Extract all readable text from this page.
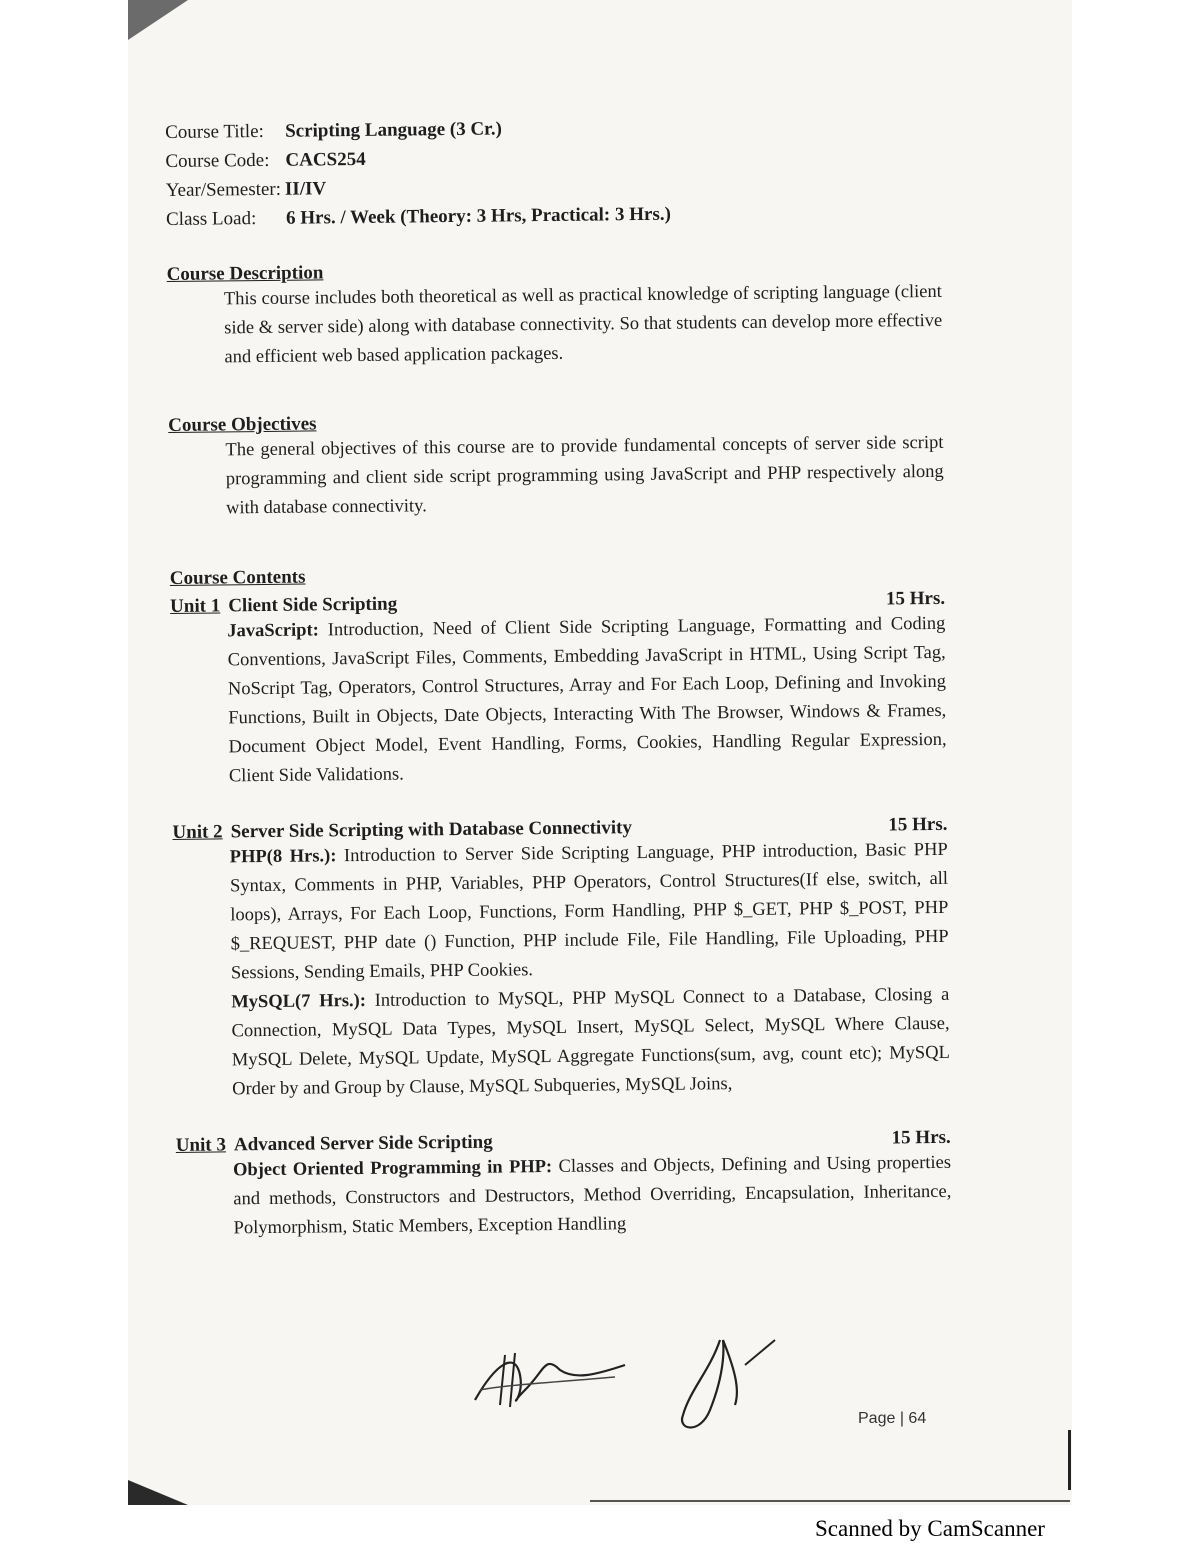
Course Title:	Scripting Language (3 Cr.)
Course Code: CACS254
Year/Semester: II/IV
Class Load:	6 Hrs. / Week (Theory: 3 Hrs, Practical: 3 Hrs.)
Course Description
This course includes both theoretical as well as practical knowledge of scripting language (client side & server side) along with database connectivity. So that students can develop more effective and efficient web based application packages.
Course Objectives
The general objectives of this course are to provide fundamental concepts of server side script programming and client side script programming using JavaScript and PHP respectively along with database connectivity.
Course Contents
Unit 1 Client Side Scripting	15 Hrs.
JavaScript: Introduction, Need of Client Side Scripting Language, Formatting and Coding Conventions, JavaScript Files, Comments, Embedding JavaScript in HTML, Using Script Tag, NoScript Tag, Operators, Control Structures, Array and For Each Loop, Defining and Invoking Functions, Built in Objects, Date Objects, Interacting With The Browser, Windows & Frames, Document Object Model, Event Handling, Forms, Cookies, Handling Regular Expression, Client Side Validations.
Unit 2 Server Side Scripting with Database Connectivity	15 Hrs.
PHP(8 Hrs.): Introduction to Server Side Scripting Language, PHP introduction, Basic PHP Syntax, Comments in PHP, Variables, PHP Operators, Control Structures(If else, switch, all loops), Arrays, For Each Loop, Functions, Form Handling, PHP $_GET, PHP $_POST, PHP $_REQUEST, PHP date () Function, PHP include File, File Handling, File Uploading, PHP Sessions, Sending Emails, PHP Cookies.
MySQL(7 Hrs.): Introduction to MySQL, PHP MySQL Connect to a Database, Closing a Connection, MySQL Data Types, MySQL Insert, MySQL Select, MySQL Where Clause, MySQL Delete, MySQL Update, MySQL Aggregate Functions(sum, avg, count etc); MySQL Order by and Group by Clause, MySQL Subqueries, MySQL Joins,
Unit 3 Advanced Server Side Scripting	15 Hrs.
Object Oriented Programming in PHP: Classes and Objects, Defining and Using properties and methods, Constructors and Destructors, Method Overriding, Encapsulation, Inheritance, Polymorphism, Static Members, Exception Handling
Page | 64
Scanned by CamScanner
